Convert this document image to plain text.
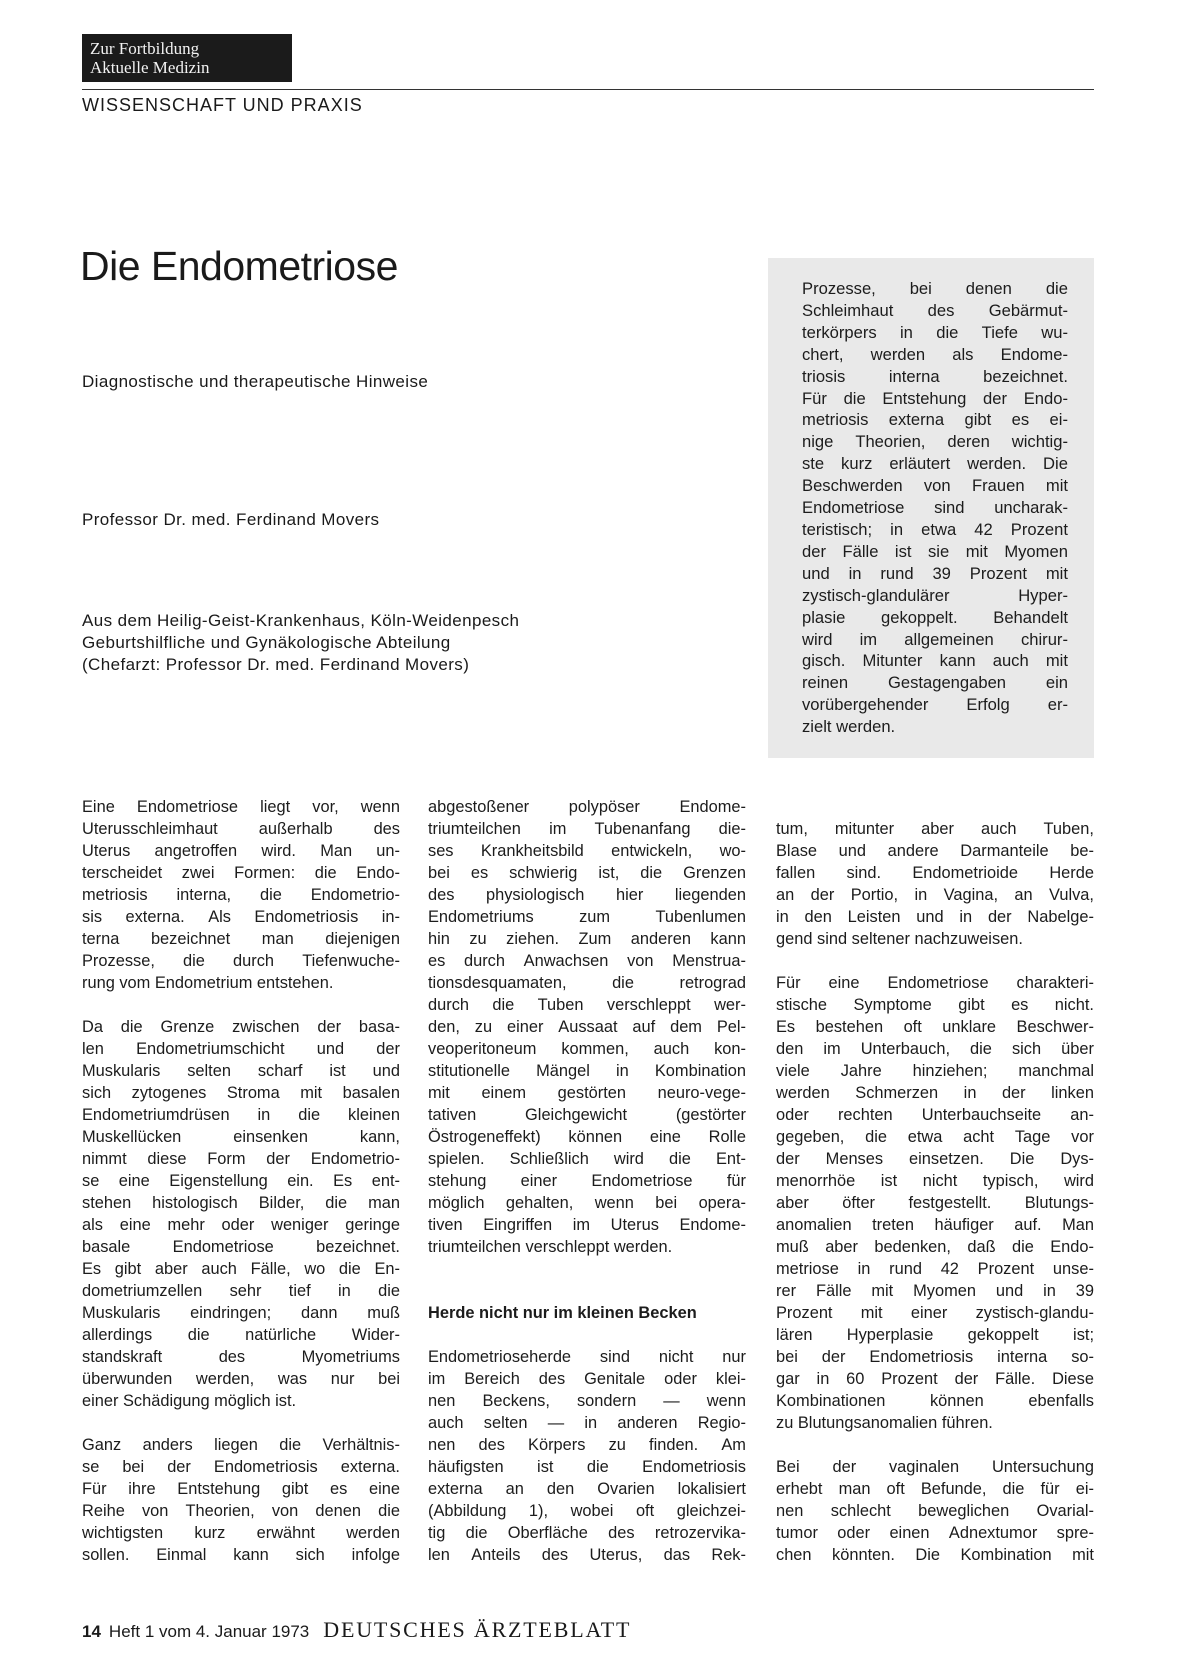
Zur Fortbildung
Aktuelle Medizin
WISSENSCHAFT UND PRAXIS
Die Endometriose
Diagnostische und therapeutische Hinweise
Professor Dr. med. Ferdinand Movers
Aus dem Heilig-Geist-Krankenhaus, Köln-Weidenpesch
Geburtshilfliche und Gynäkologische Abteilung
(Chefarzt: Professor Dr. med. Ferdinand Movers)
Prozesse, bei denen die
Schleimhaut des Gebärmut-
terkörpers in die Tiefe wu-
chert, werden als Endome-
triosis	interna	bezeichnet.
Für die Entstehung der Endo-
metriosis externa gibt es ei-
nige Theorien, deren wichtig-
ste kurz erläutert werden. Die
Beschwerden von Frauen mit
Endometriose sind uncharak-
teristisch; in etwa 42 Prozent
der Fälle ist sie mit Myomen
und in rund 39 Prozent mit
zystisch-glandulärer	Hyper-
plasie gekoppelt. Behandelt
wird im allgemeinen chirur-
gisch. Mitunter kann auch mit
reinen Gestagengaben ein
vorübergehender Erfolg er-
zielt werden.
Eine Endometriose liegt vor, wenn
Uterusschleimhaut	außerhalb	des
Uterus angetroffen wird. Man un-
terscheidet zwei Formen: die Endo-
metriosis interna, die Endometrio-
sis externa. Als Endometriosis in-
terna bezeichnet man diejenigen
Prozesse, die durch Tiefenwuche-
rung vom Endometrium entstehen.
Da die Grenze zwischen der basa-
len Endometriumschicht und der
Muskularis selten scharf ist und
sich zytogenes Stroma mit basalen
Endometriumdrüsen in die kleinen
Muskellücken	einsenken	kann,
nimmt diese Form der Endometrio-
se eine Eigenstellung ein. Es ent-
stehen histologisch Bilder, die man
als eine mehr oder weniger geringe
basale	Endometriose	bezeichnet.
Es gibt aber auch Fälle, wo die En-
dometriumzellen sehr tief in die
Muskularis eindringen; dann muß
allerdings die natürliche Wider-
standskraft	des	Myometriums
überwunden werden, was nur bei
einer Schädigung möglich ist.
Ganz anders liegen die Verhältnis-
se bei der Endometriosis externa.
Für ihre Entstehung gibt es eine
Reihe von Theorien, von denen die
wichtigsten kurz erwähnt werden
sollen. Einmal kann sich infolge
abgestoßener polypöser Endome-
triumteilchen im Tubenanfang die-
ses Krankheitsbild entwickeln, wo-
bei es schwierig ist, die Grenzen
des physiologisch hier liegenden
Endometriums	zum	Tubenlumen
hin zu ziehen. Zum anderen kann
es durch Anwachsen von Menstrua-
tionsdesquamaten,	die	retrograd
durch die Tuben verschleppt wer-
den, zu einer Aussaat auf dem Pel-
veoperitoneum kommen, auch kon-
stitutionelle Mängel in Kombination
mit einem gestörten neuro-vege-
tativen	Gleichgewicht	(gestörter
Östrogeneffekt) können eine Rolle
spielen. Schließlich wird die Ent-
stehung einer Endometriose für
möglich gehalten, wenn bei opera-
tiven Eingriffen im Uterus Endome-
triumteilchen verschleppt werden.
Herde nicht nur im kleinen Becken
Endometrioseherde sind nicht nur
im Bereich des Genitale oder klei-
nen Beckens, sondern — wenn
auch selten — in anderen Regio-
nen des Körpers zu finden. Am
häufigsten ist die Endometriosis
externa an den Ovarien lokalisiert
(Abbildung 1), wobei oft gleichzei-
tig die Oberfläche des retrozervika-
len Anteils des Uterus, das Rek-
tum, mitunter aber auch Tuben,
Blase und andere Darmanteile be-
fallen sind. Endometrioide Herde
an der Portio, in Vagina, an Vulva,
in den Leisten und in der Nabelge-
gend sind seltener nachzuweisen.
Für eine Endometriose charakteri-
stische Symptome gibt es nicht.
Es bestehen oft unklare Beschwer-
den im Unterbauch, die sich über
viele Jahre hinziehen; manchmal
werden Schmerzen in der linken
oder rechten Unterbauchseite an-
gegeben, die etwa acht Tage vor
der Menses einsetzen. Die Dys-
menorrhöe ist nicht typisch, wird
aber öfter festgestellt. Blutungs-
anomalien treten häufiger auf. Man
muß aber bedenken, daß die Endo-
metriose in rund 42 Prozent unse-
rer Fälle mit Myomen und in 39
Prozent mit einer zystisch-glandu-
lären Hyperplasie gekoppelt ist;
bei der Endometriosis interna so-
gar in 60 Prozent der Fälle. Diese
Kombinationen	können	ebenfalls
zu Blutungsanomalien führen.
Bei der vaginalen Untersuchung
erhebt man oft Befunde, die für ei-
nen schlecht beweglichen Ovarial-
tumor oder einen Adnextumor spre-
chen könnten. Die Kombination mit
14 Heft 1 vom 4. Januar 1973 DEUTSCHES ÄRZTEBLATT
